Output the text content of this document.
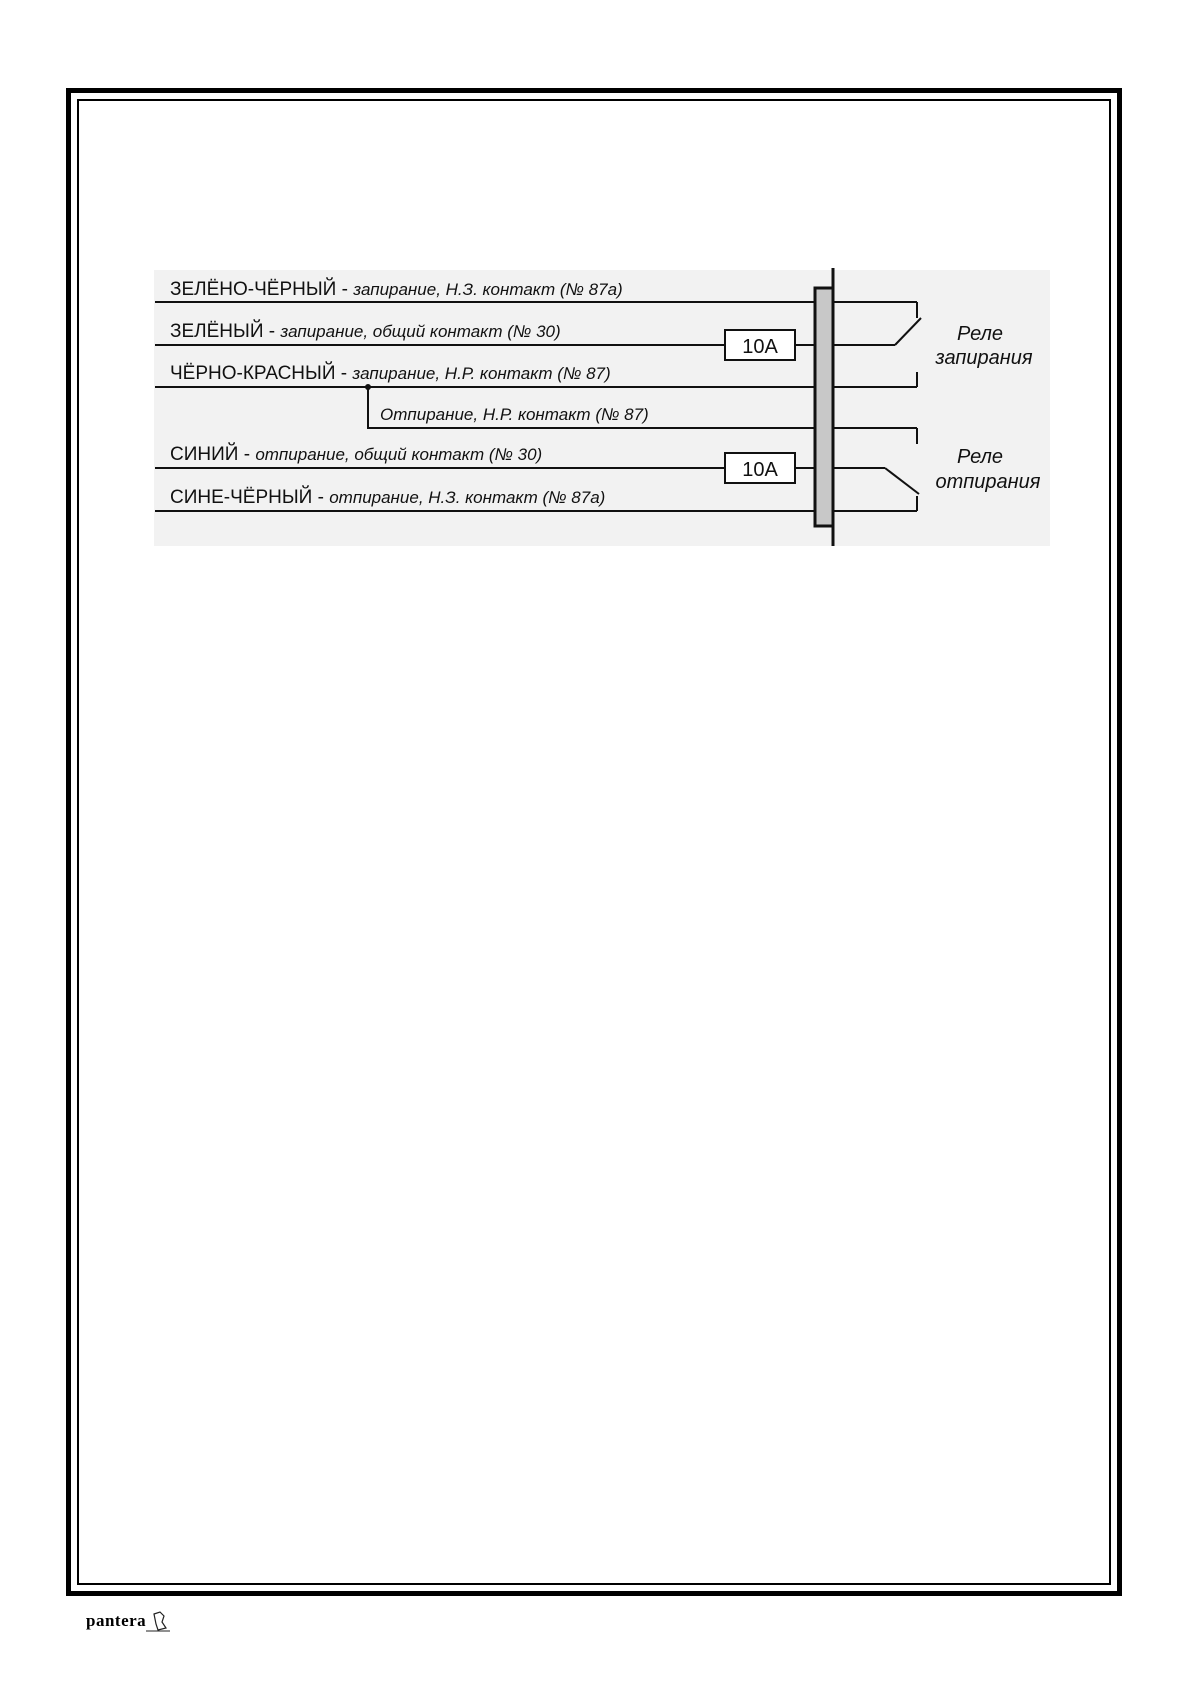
10A
10A
ЗЕЛЁНО-ЧЁРНЫЙ - запирание, Н.З. контакт (№ 87а)
ЗЕЛЁНЫЙ - запирание, общий контакт (№ 30)
ЧЁРНО-КРАСНЫЙ - запирание, Н.Р. контакт (№ 87)
Отпирание, Н.Р. контакт (№ 87)
СИНИЙ - отпирание, общий контакт (№ 30)
СИНЕ-ЧЁРНЫЙ - отпирание, Н.З. контакт (№ 87а)
Реле
запирания
Реле
отпирания
pantera
